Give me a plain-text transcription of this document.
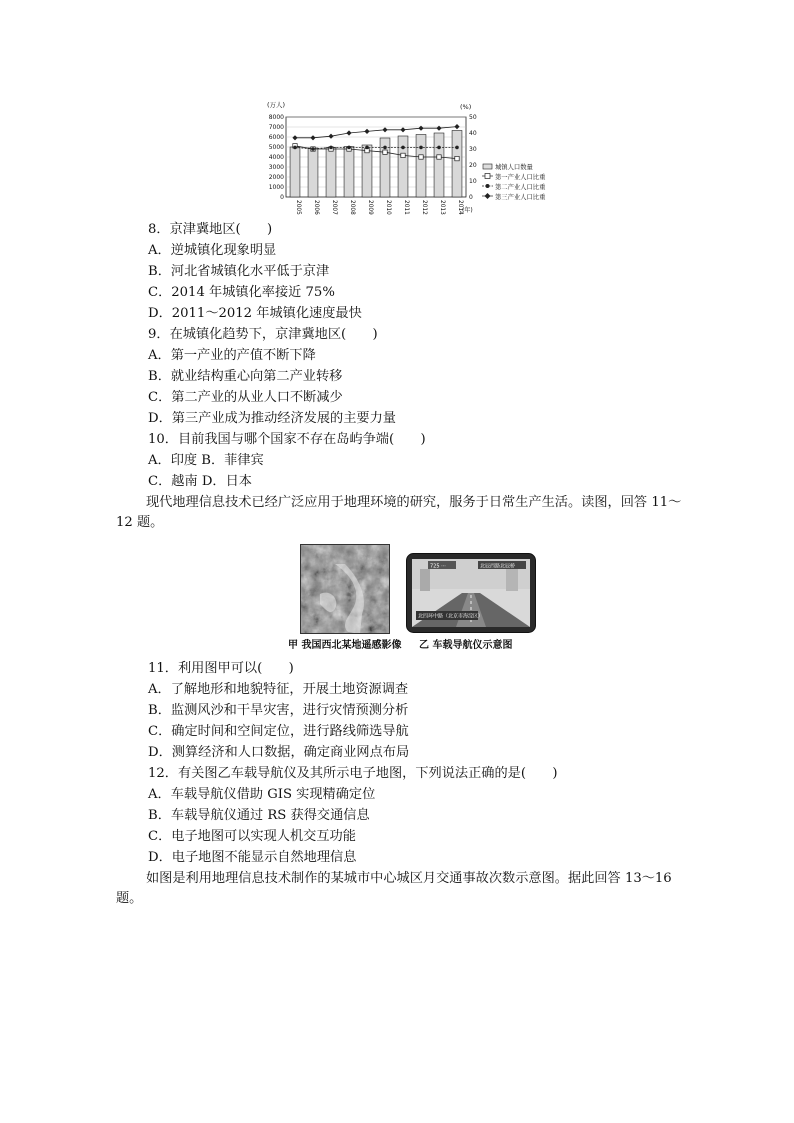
(万人)	(%)
8000
7000
6000
5000
4000
3000
2000
1000
0
50
40
30
20
10
0
2005 2006 2007 2008 2009 2010 2011 2012 2013 2014 (年)
城镇人口数量
第一产业人口比重
第二产业人口比重
第三产业人口比重
8．京津冀地区(　　)
A．逆城镇化现象明显
B．河北省城镇化水平低于京津
C．2014 年城镇化率接近 75%
D．2011～2012 年城镇化速度最快
9．在城镇化趋势下，京津冀地区(　　)
A．第一产业的产值不断下降
B．就业结构重心向第二产业转移
C．第二产业的从业人口不断减少
D．第三产业成为推动经济发展的主要力量
10．目前我国与哪个国家不存在岛屿争端(　　)
A．印度 B．菲律宾
C．越南 D．日本
现代地理信息技术已经广泛应用于地理环境的研究，服务于日常生产生活。读图，回答 11～12 题。
甲 我国西北某地遥感影像
725 ···	北辰西路北辰桥
北四环中路（北京市海淀区）
乙 车载导航仪示意图
11．利用图甲可以(　　)
A．了解地形和地貌特征，开展土地资源调查
B．监测风沙和干旱灾害，进行灾情预测分析
C．确定时间和空间定位，进行路线筛选导航
D．测算经济和人口数据，确定商业网点布局
12．有关图乙车载导航仪及其所示电子地图，下列说法正确的是(　　)
A．车载导航仪借助 GIS 实现精确定位
B．车载导航仪通过 RS 获得交通信息
C．电子地图可以实现人机交互功能
D．电子地图不能显示自然地理信息
如图是利用地理信息技术制作的某城市中心城区月交通事故次数示意图。据此回答 13～16 题。
